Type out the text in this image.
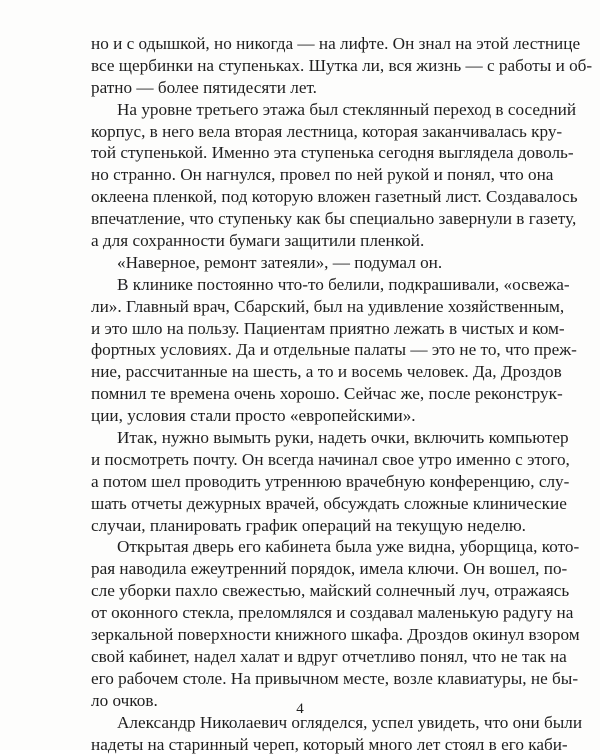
но и с одышкой, но никогда — на лифте. Он знал на этой лестнице
все щербинки на ступеньках. Шутка ли, вся жизнь — с работы и об-
ратно — более пятидесяти лет.
На уровне третьего этажа был стеклянный переход в соседний
корпус, в него вела вторая лестница, которая заканчивалась кру-
той ступенькой. Именно эта ступенька сегодня выглядела доволь-
но странно. Он нагнулся, провел по ней рукой и понял, что она
оклеена пленкой, под которую вложен газетный лист. Создавалось
впечатление, что ступеньку как бы специально завернули в газету,
а для сохранности бумаги защитили пленкой.
«Наверное, ремонт затеяли», — подумал он.
В клинике постоянно что-то белили, подкрашивали, «освежа-
ли». Главный врач, Сбарский, был на удивление хозяйственным,
и это шло на пользу. Пациентам приятно лежать в чистых и ком-
фортных условиях. Да и отдельные палаты — это не то, что преж-
ние, рассчитанные на шесть, а то и восемь человек. Да, Дроздов
помнил те времена очень хорошо. Сейчас же, после реконструк-
ции, условия стали просто «европейскими».
Итак, нужно вымыть руки, надеть очки, включить компьютер
и посмотреть почту. Он всегда начинал свое утро именно с этого,
а потом шел проводить утреннюю врачебную конференцию, слу-
шать отчеты дежурных врачей, обсуждать сложные клинические
случаи, планировать график операций на текущую неделю.
Открытая дверь его кабинета была уже видна, уборщица, кото-
рая наводила ежеутренний порядок, имела ключи. Он вошел, по-
сле уборки пахло свежестью, майский солнечный луч, отражаясь
от оконного стекла, преломлялся и создавал маленькую радугу на
зеркальной поверхности книжного шкафа. Дроздов окинул взором
свой кабинет, надел халат и вдруг отчетливо понял, что не так на
его рабочем столе. На привычном месте, возле клавиатуры, не бы-
ло очков.
Александр Николаевич огляделся, успел увидеть, что они были
надеты на старинный череп, который много лет стоял в его каби-
4
